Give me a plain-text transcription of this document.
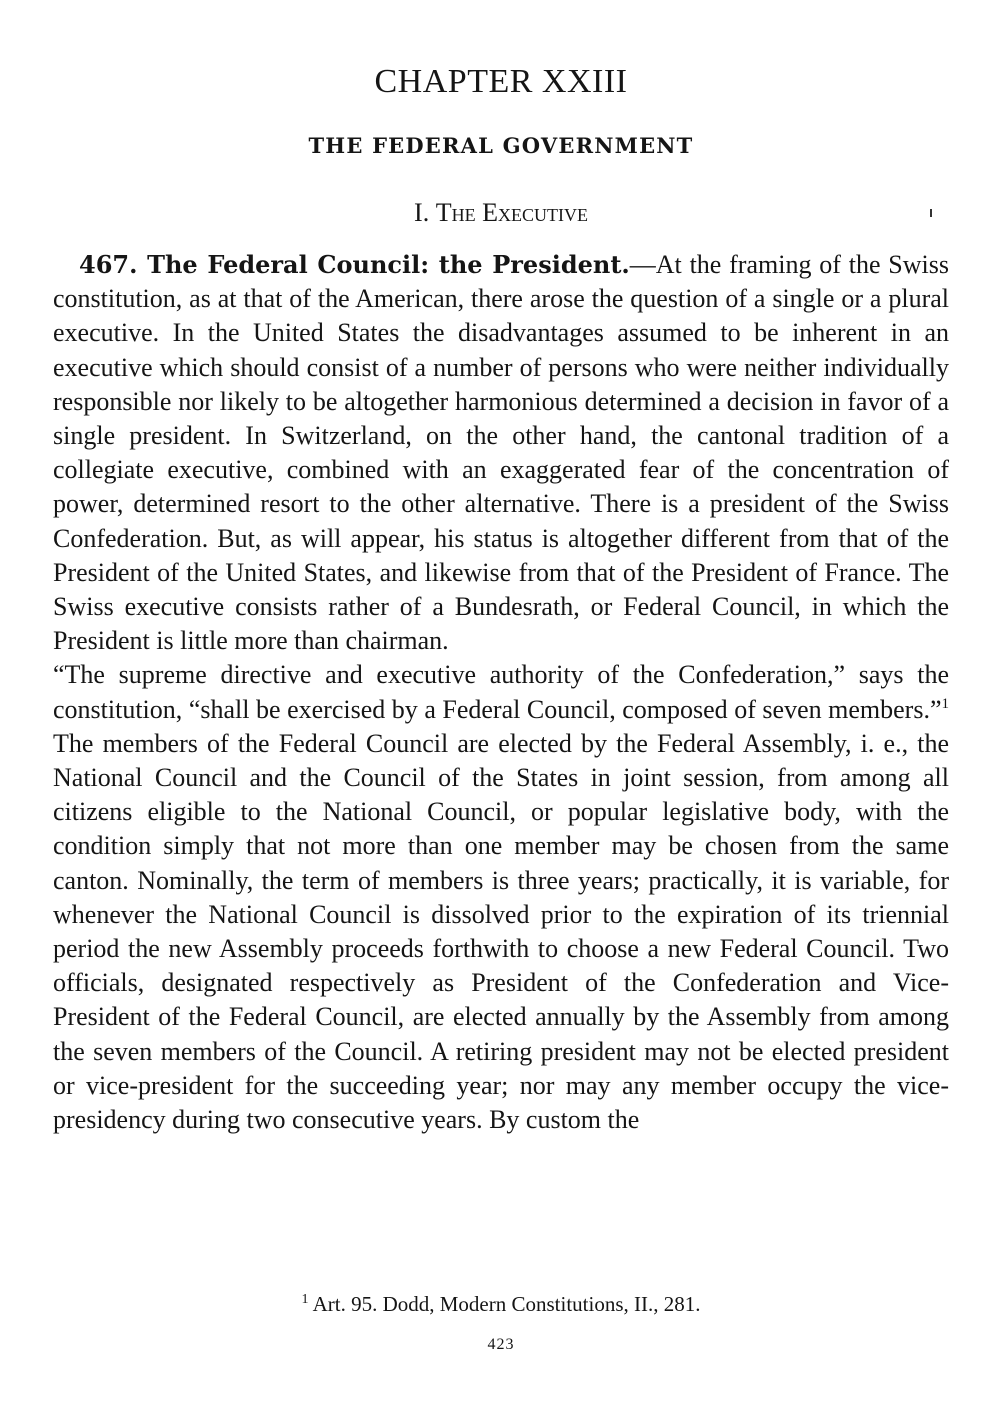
CHAPTER XXIII
THE FEDERAL GOVERNMENT
I. The Executive

467. The Federal Council: the President.—At the framing of the Swiss constitution, as at that of the American, there arose the question of a single or a plural executive. In the United States the disadvantages assumed to be inherent in an executive which should consist of a number of persons who were neither individually responsible nor likely to be altogether harmonious determined a decision in favor of a single president. In Switzerland, on the other hand, the cantonal tradition of a collegiate executive, combined with an exaggerated fear of the concentration of power, determined resort to the other alternative. There is a president of the Swiss Confederation. But, as will appear, his status is altogether different from that of the President of the United States, and likewise from that of the President of France. The Swiss executive consists rather of a Bundesrath, or Federal Council, in which the President is little more than chairman.

“The supreme directive and executive authority of the Confederation,” says the constitution, “shall be exercised by a Federal Council, composed of seven members.”$^1$ The members of the Federal Council are elected by the Federal Assembly, i. e., the National Council and the Council of the States in joint session, from among all citizens eligible to the National Council, or popular legislative body, with the condition simply that not more than one member may be chosen from the same canton. Nominally, the term of members is three years; practically, it is variable, for whenever the National Council is dissolved prior to the expiration of its triennial period the new Assembly proceeds forthwith to choose a new Federal Council. Two officials, designated respectively as President of the Confederation and Vice-President of the Federal Council, are elected annually by the Assembly from among the seven members of the Council. A retiring president may not be elected president or vice-president for the succeeding year; nor may any member occupy the vice-presidency during two consecutive years. By custom the

$^1$ Art. 95. Dodd, Modern Constitutions, II., 281.
423
